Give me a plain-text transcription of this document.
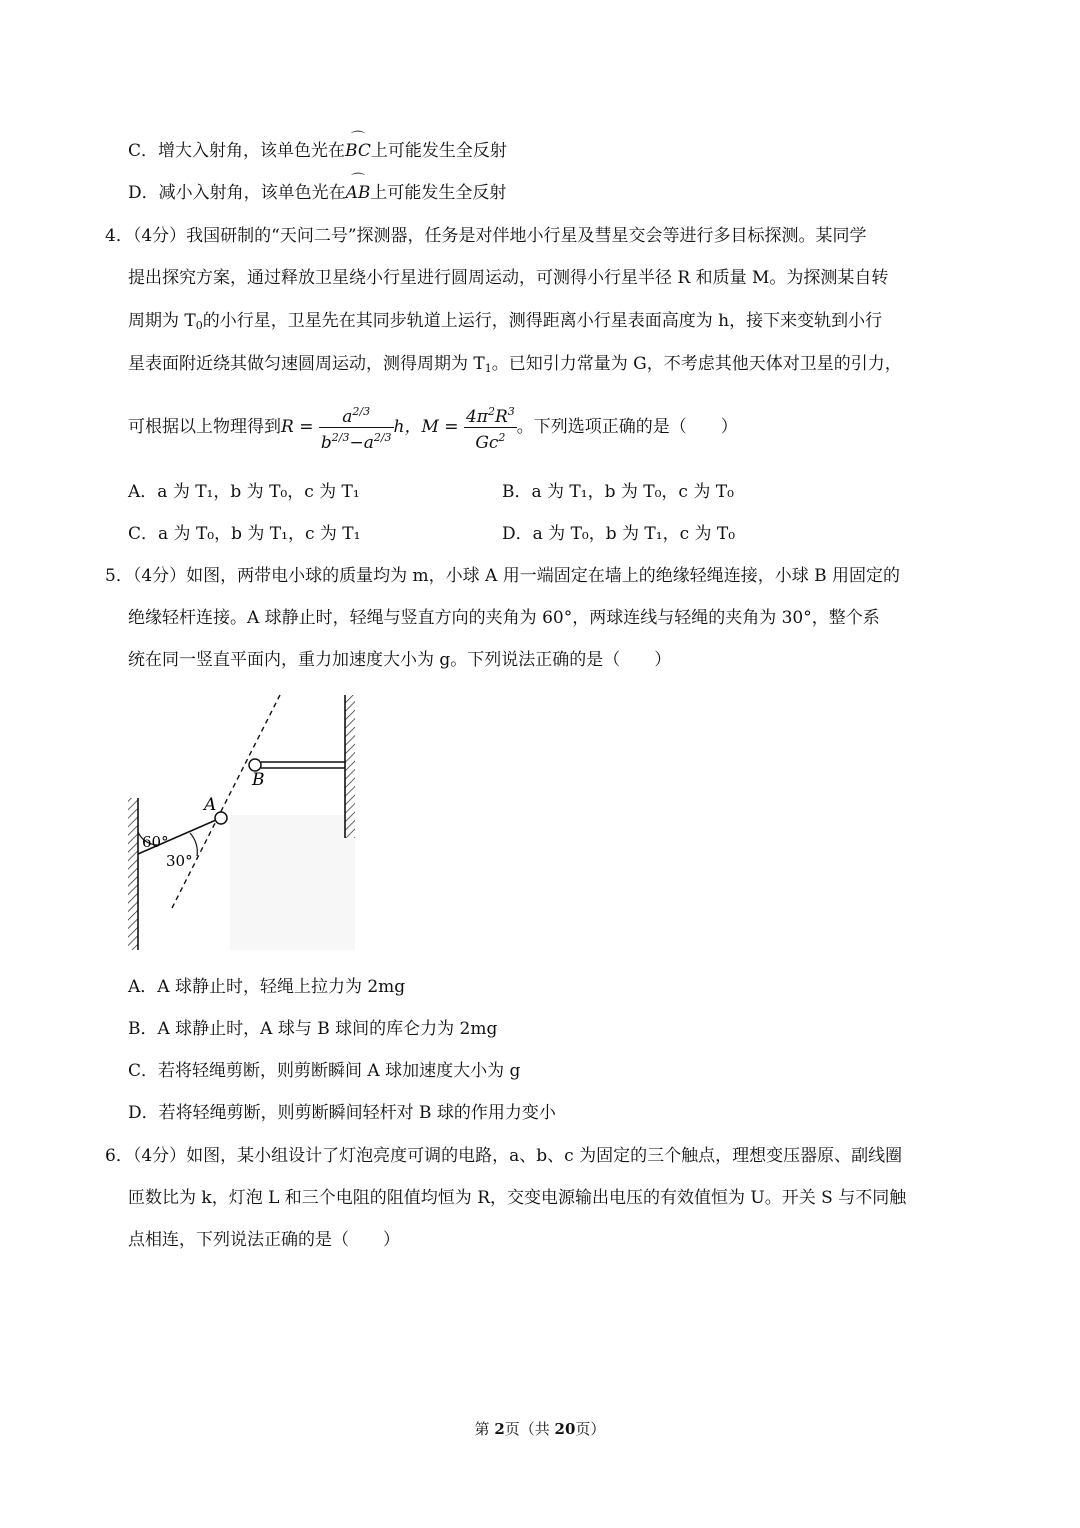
C．增大入射角，该单色光在⌒ BC上可能发生全反射
D．减小入射角，该单色光在⌒ AB上可能发生全反射
4．（4分）我国研制的“天问二号”探测器，任务是对伴地小行星及彗星交会等进行多目标探测。某同学
提出探究方案，通过释放卫星绕小行星进行圆周运动，可测得小行星半径 R 和质量 M。为探测某自转
周期为 $T_0$的小行星，卫星先在其同步轨道上运行，测得距离小行星表面高度为 h，接下来变轨到小行
星表面附近绕其做匀速圆周运动，测得周期为 $T_1$。已知引力常量为 G，不考虑其他天体对卫星的引力，
可根据以上物理得到$R = \frac{a^{2/3}}{b^{2/3}-a^{2/3}}$ h，$M = \frac{4\pi^2R^3}{Gc^2}$ 。下列选项正确的是（　　）
A．a 为 T₁，b 为 T₀，c 为 T₁	B．a 为 T₁，b 为 T₀，c 为 T₀
C．a 为 T₀，b 为 T₁，c 为 T₁	D．a 为 T₀，b 为 T₁，c 为 T₀
5．（4分）如图，两带电小球的质量均为 m，小球 A 用一端固定在墙上的绝缘轻绳连接，小球 B 用固定的
绝缘轻杆连接。A 球静止时，轻绳与竖直方向的夹角为 60°，两球连线与轻绳的夹角为 30°，整个系
统在同一竖直平面内，重力加速度大小为 g。下列说法正确的是（　　）
A
B
60°
30°
A．A 球静止时，轻绳上拉力为 2mg
B．A 球静止时，A 球与 B 球间的库仑力为 2mg
C．若将轻绳剪断，则剪断瞬间 A 球加速度大小为 g
D．若将轻绳剪断，则剪断瞬间轻杆对 B 球的作用力变小
6．（4分）如图，某小组设计了灯泡亮度可调的电路，a、b、c 为固定的三个触点，理想变压器原、副线圈
匝数比为 k，灯泡 L 和三个电阻的阻值均恒为 R，交变电源输出电压的有效值恒为 U。开关 S 与不同触
点相连，下列说法正确的是（　　）
第 2页（共 20页）
